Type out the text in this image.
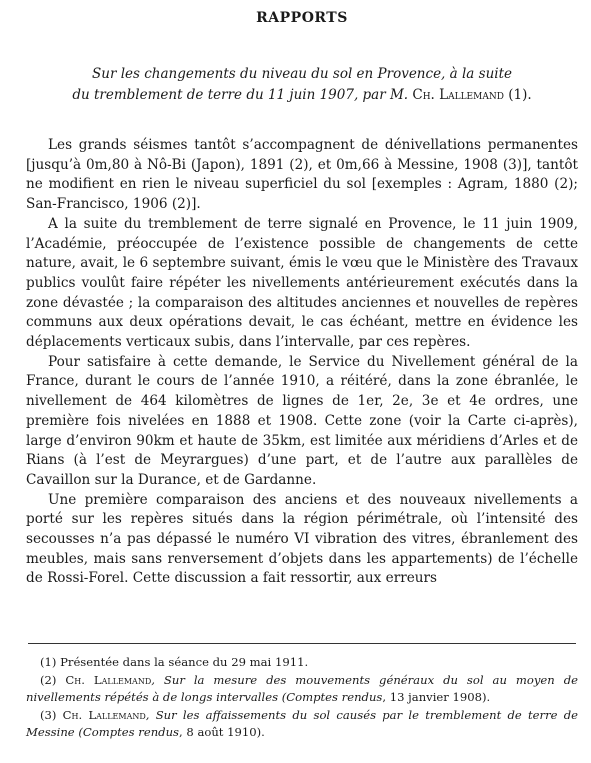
RAPPORTS
Sur les changements du niveau du sol en Provence, à la suite
du tremblement de terre du 11 juin 1907, par M. Ch. Lallemand (1).

Les grands séismes tantôt s’accompagnent de dénivellations permanentes [jusqu’à 0m,80 à Nô-Bi (Japon), 1891 (2), et 0m,66 à Messine, 1908 (3)], tantôt ne modifient en rien le niveau superficiel du sol [exemples : Agram, 1880 (2); San-Francisco, 1906 (2)].

A la suite du tremblement de terre signalé en Provence, le 11 juin 1909, l’Académie, préoccupée de l’existence possible de changements de cette nature, avait, le 6 septembre suivant, émis le vœu que le Ministère des Travaux publics voulût faire répéter les nivellements antérieurement exécutés dans la zone dévastée ; la comparaison des altitudes anciennes et nouvelles de repères communs aux deux opérations devait, le cas échéant, mettre en évidence les déplacements verticaux subis, dans l’intervalle, par ces repères.

Pour satisfaire à cette demande, le Service du Nivellement général de la France, durant le cours de l’année 1910, a réitéré, dans la zone ébranlée, le nivellement de 464 kilomètres de lignes de 1er, 2e, 3e et 4e ordres, une première fois nivelées en 1888 et 1908. Cette zone (voir la Carte ci-après), large d’environ 90km et haute de 35km, est limitée aux méridiens d’Arles et de Rians (à l’est de Meyrargues) d’une part, et de l’autre aux parallèles de Cavaillon sur la Durance, et de Gardanne.

Une première comparaison des anciens et des nouveaux nivellements a porté sur les repères situés dans la région périmétrale, où l’intensité des secousses n’a pas dépassé le numéro VI vibration des vitres, ébranlement des meubles, mais sans renversement d’objets dans les appartements) de l’échelle de Rossi-Forel. Cette discussion a fait ressortir, aux erreurs

(1) Présentée dans la séance du 29 mai 1911.

(2) Ch. Lallemand, Sur la mesure des mouvements généraux du sol au moyen de nivellements répétés à de longs intervalles (Comptes rendus, 13 janvier 1908).

(3) Ch. Lallemand, Sur les affaissements du sol causés par le tremblement de terre de Messine (Comptes rendus, 8 août 1910).
